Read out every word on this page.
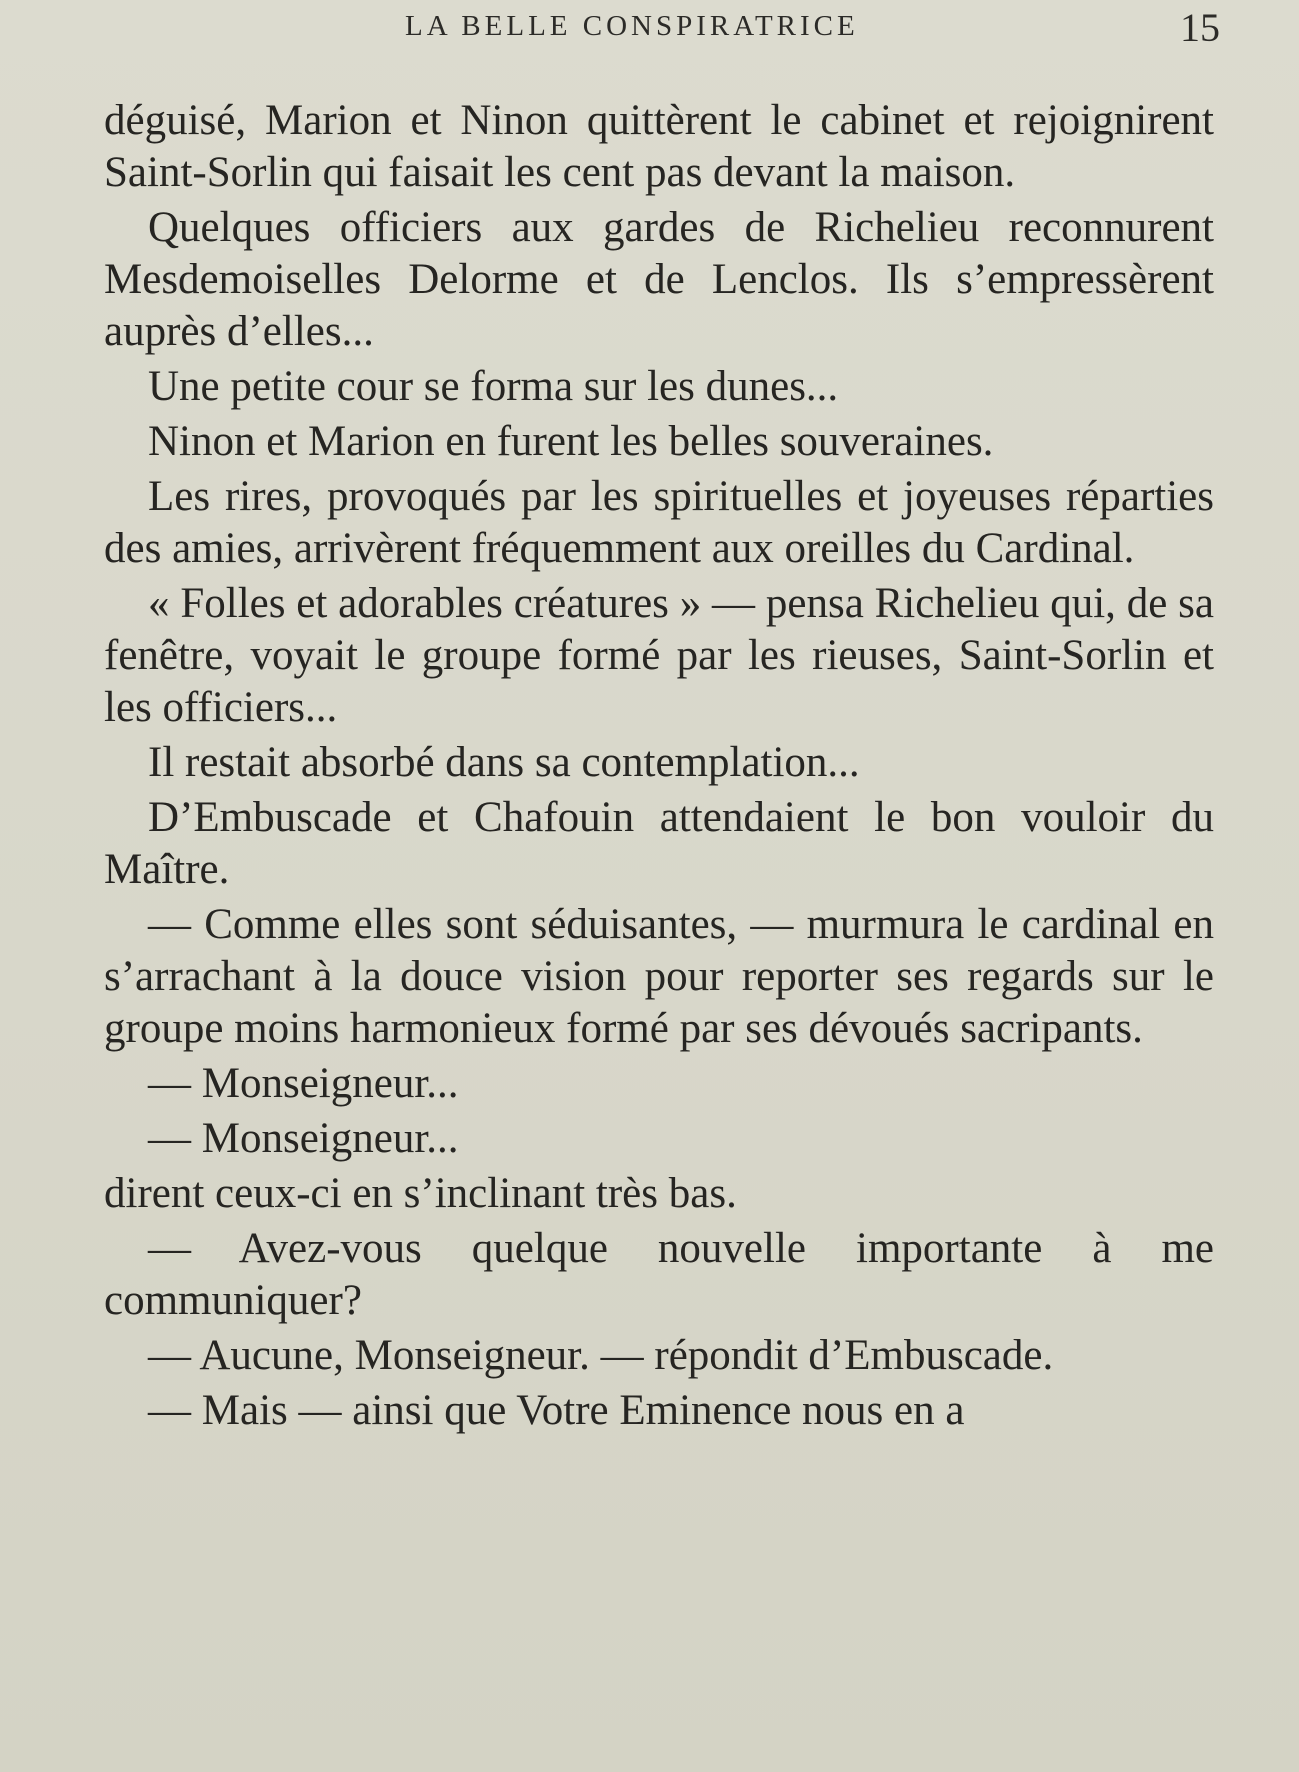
LA BELLE CONSPIRATRICE	15

déguisé, Marion et Ninon quittèrent le cabinet et rejoignirent Saint-Sorlin qui faisait les cent pas devant la maison.

Quelques officiers aux gardes de Richelieu reconnurent Mesdemoiselles Delorme et de Lenclos. Ils s’empressèrent auprès d’elles...

Une petite cour se forma sur les dunes...

Ninon et Marion en furent les belles souveraines.

Les rires, provoqués par les spirituelles et joyeuses réparties des amies, arrivèrent fréquemment aux oreilles du Cardinal.

« Folles et adorables créatures » — pensa Richelieu qui, de sa fenêtre, voyait le groupe formé par les rieuses, Saint-Sorlin et les officiers...

Il restait absorbé dans sa contemplation...

D’Embuscade et Chafouin attendaient le bon vouloir du Maître.

— Comme elles sont séduisantes, — murmura le cardinal en s’arrachant à la douce vision pour reporter ses regards sur le groupe moins harmonieux formé par ses dévoués sacripants.

— Monseigneur...

— Monseigneur...

dirent ceux-ci en s’inclinant très bas.

— Avez-vous quelque nouvelle importante à me communiquer?

— Aucune, Monseigneur. — répondit d’Embuscade.

— Mais — ainsi que Votre Eminence nous en a
